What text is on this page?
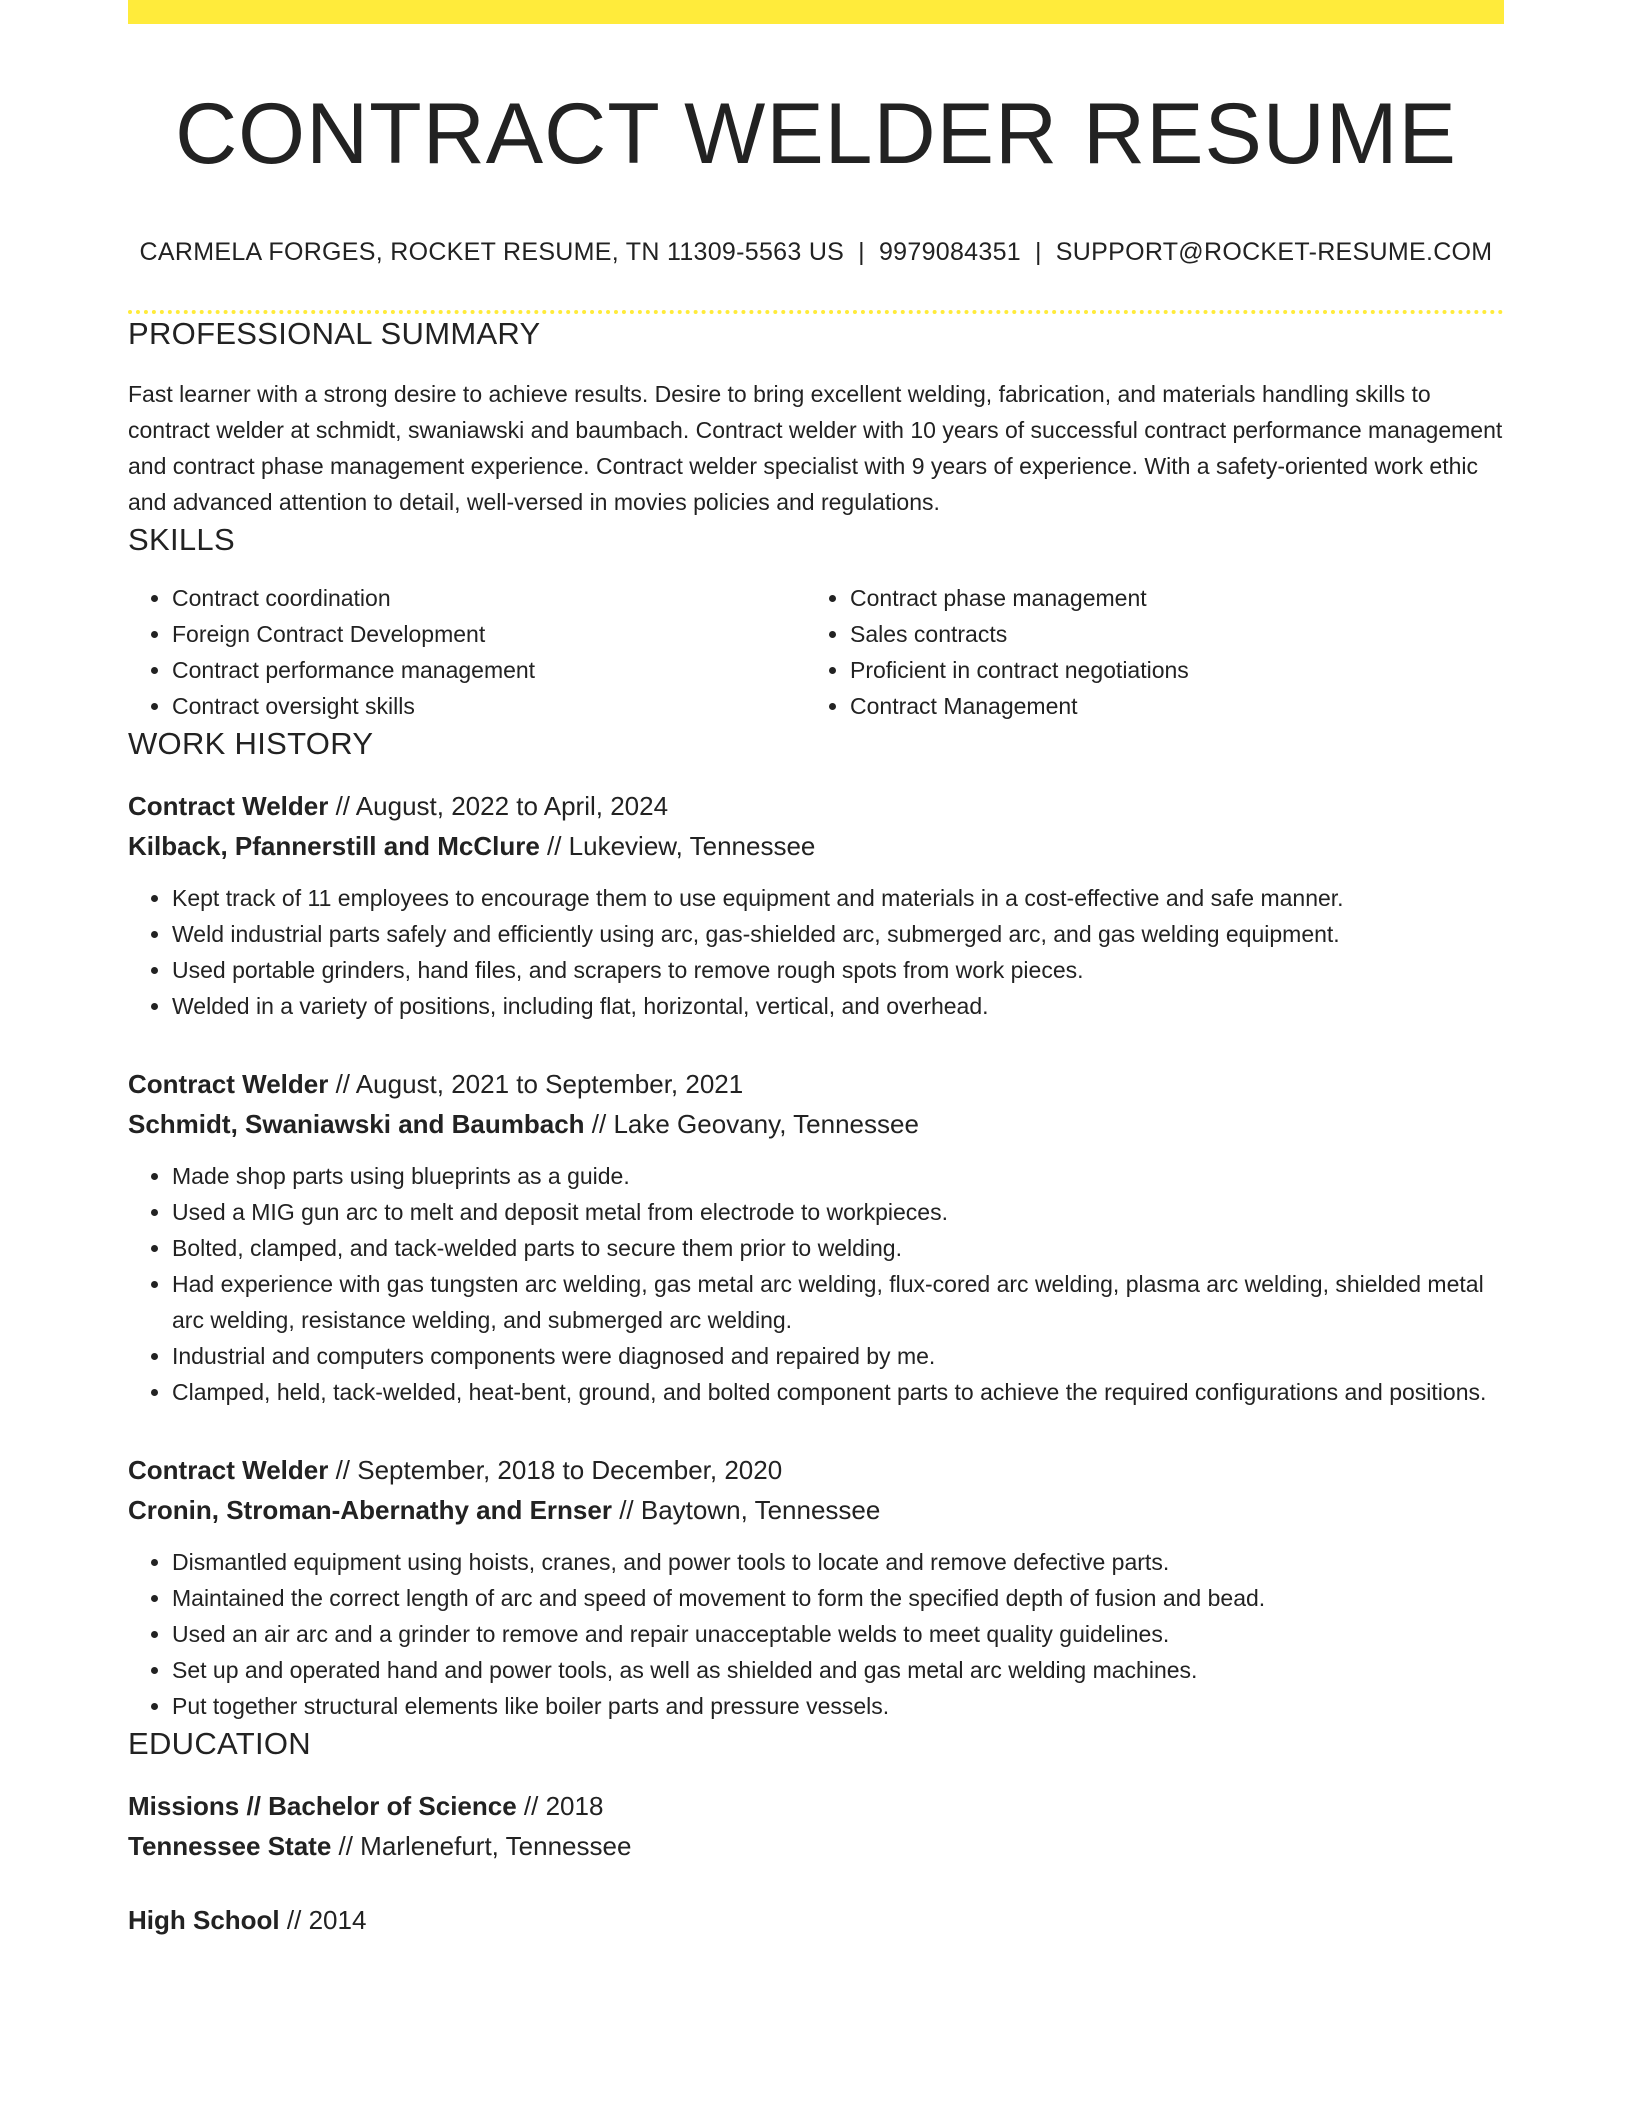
CONTRACT WELDER RESUME
CARMELA FORGES, ROCKET RESUME, TN 11309-5563 US | 9979084351 | SUPPORT@ROCKET-RESUME.COM
PROFESSIONAL SUMMARY

Fast learner with a strong desire to achieve results. Desire to bring excellent welding, fabrication, and materials handling skills to contract welder at schmidt, swaniawski and baumbach. Contract welder with 10 years of successful contract performance management and contract phase management experience. Contract welder specialist with 9 years of experience. With a safety-oriented work ethic and advanced attention to detail, well-versed in movies policies and regulations.

SKILLS
• Contract coordination
• Foreign Contract Development
• Contract performance management
• Contract oversight skills
• Contract phase management
• Sales contracts
• Proficient in contract negotiations
• Contract Management
WORK HISTORY
Contract Welder // August, 2022 to April, 2024
Kilback, Pfannerstill and McClure // Lukeview, Tennessee
• Kept track of 11 employees to encourage them to use equipment and materials in a cost-effective and safe manner.
• Weld industrial parts safely and efficiently using arc, gas-shielded arc, submerged arc, and gas welding equipment.
• Used portable grinders, hand files, and scrapers to remove rough spots from work pieces.
• Welded in a variety of positions, including flat, horizontal, vertical, and overhead.
Contract Welder // August, 2021 to September, 2021
Schmidt, Swaniawski and Baumbach // Lake Geovany, Tennessee
• Made shop parts using blueprints as a guide.
• Used a MIG gun arc to melt and deposit metal from electrode to workpieces.
• Bolted, clamped, and tack-welded parts to secure them prior to welding.
• Had experience with gas tungsten arc welding, gas metal arc welding, flux-cored arc welding, plasma arc welding, shielded metal arc welding, resistance welding, and submerged arc welding.
• Industrial and computers components were diagnosed and repaired by me.
• Clamped, held, tack-welded, heat-bent, ground, and bolted component parts to achieve the required configurations and positions.
Contract Welder // September, 2018 to December, 2020
Cronin, Stroman-Abernathy and Ernser // Baytown, Tennessee
• Dismantled equipment using hoists, cranes, and power tools to locate and remove defective parts.
• Maintained the correct length of arc and speed of movement to form the specified depth of fusion and bead.
• Used an air arc and a grinder to remove and repair unacceptable welds to meet quality guidelines.
• Set up and operated hand and power tools, as well as shielded and gas metal arc welding machines.
• Put together structural elements like boiler parts and pressure vessels.
EDUCATION
Missions // Bachelor of Science // 2018
Tennessee State // Marlenefurt, Tennessee
High School // 2014
